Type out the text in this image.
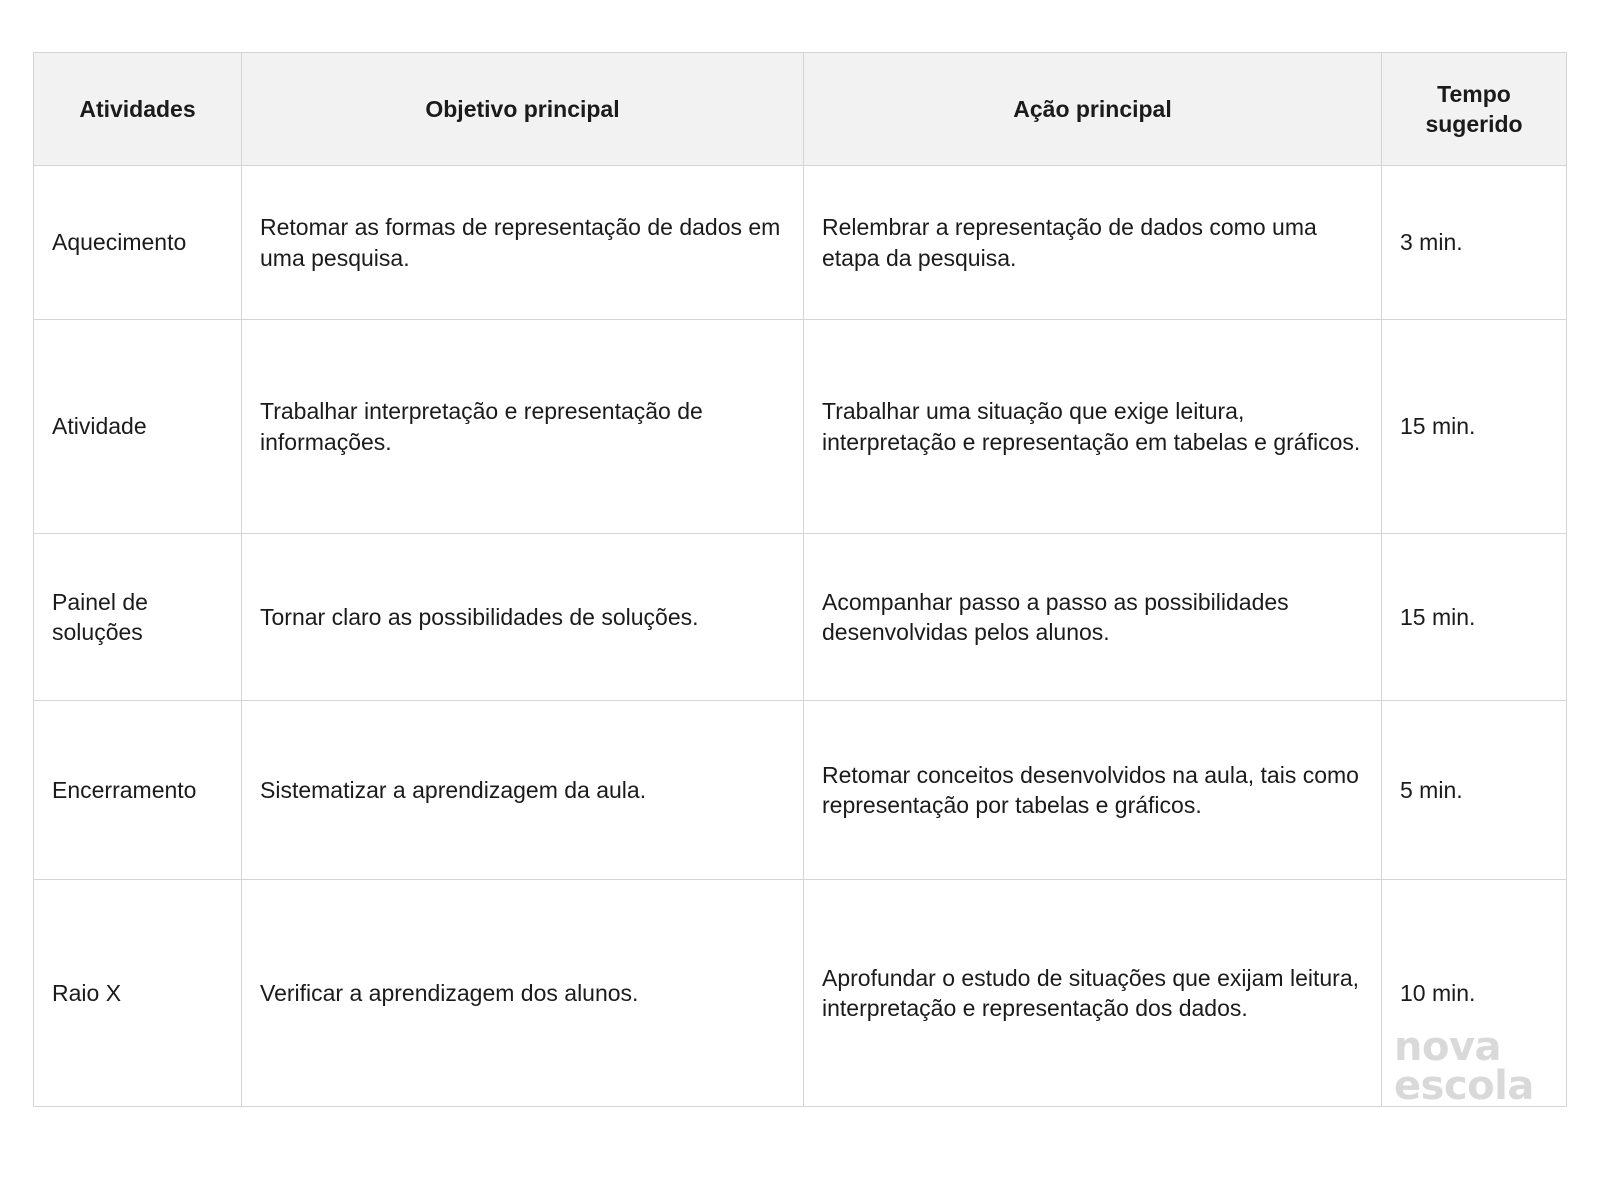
Atividades	Objetivo principal	Ação principal	Tempo sugerido

Aquecimento	Retomar as formas de representação de dados em uma pesquisa.	Relembrar a representação de dados como uma etapa da pesquisa.	3 min.

Atividade	Trabalhar interpretação e representação de informações.	Trabalhar uma situação que exige leitura, interpretação e representação em tabelas e gráficos.	15 min.

Painel de soluções	Tornar claro as possibilidades de soluções.	Acompanhar passo a passo as possibilidades desenvolvidas pelos alunos.	15 min.

Encerramento	Sistematizar a aprendizagem da aula.	Retomar conceitos desenvolvidos na aula, tais como representação por tabelas e gráficos.	5 min.

Raio X	Verificar a aprendizagem dos alunos.	Aprofundar o estudo de situações que exijam leitura, interpretação e representação dos dados.	10 min.
nova
escola
